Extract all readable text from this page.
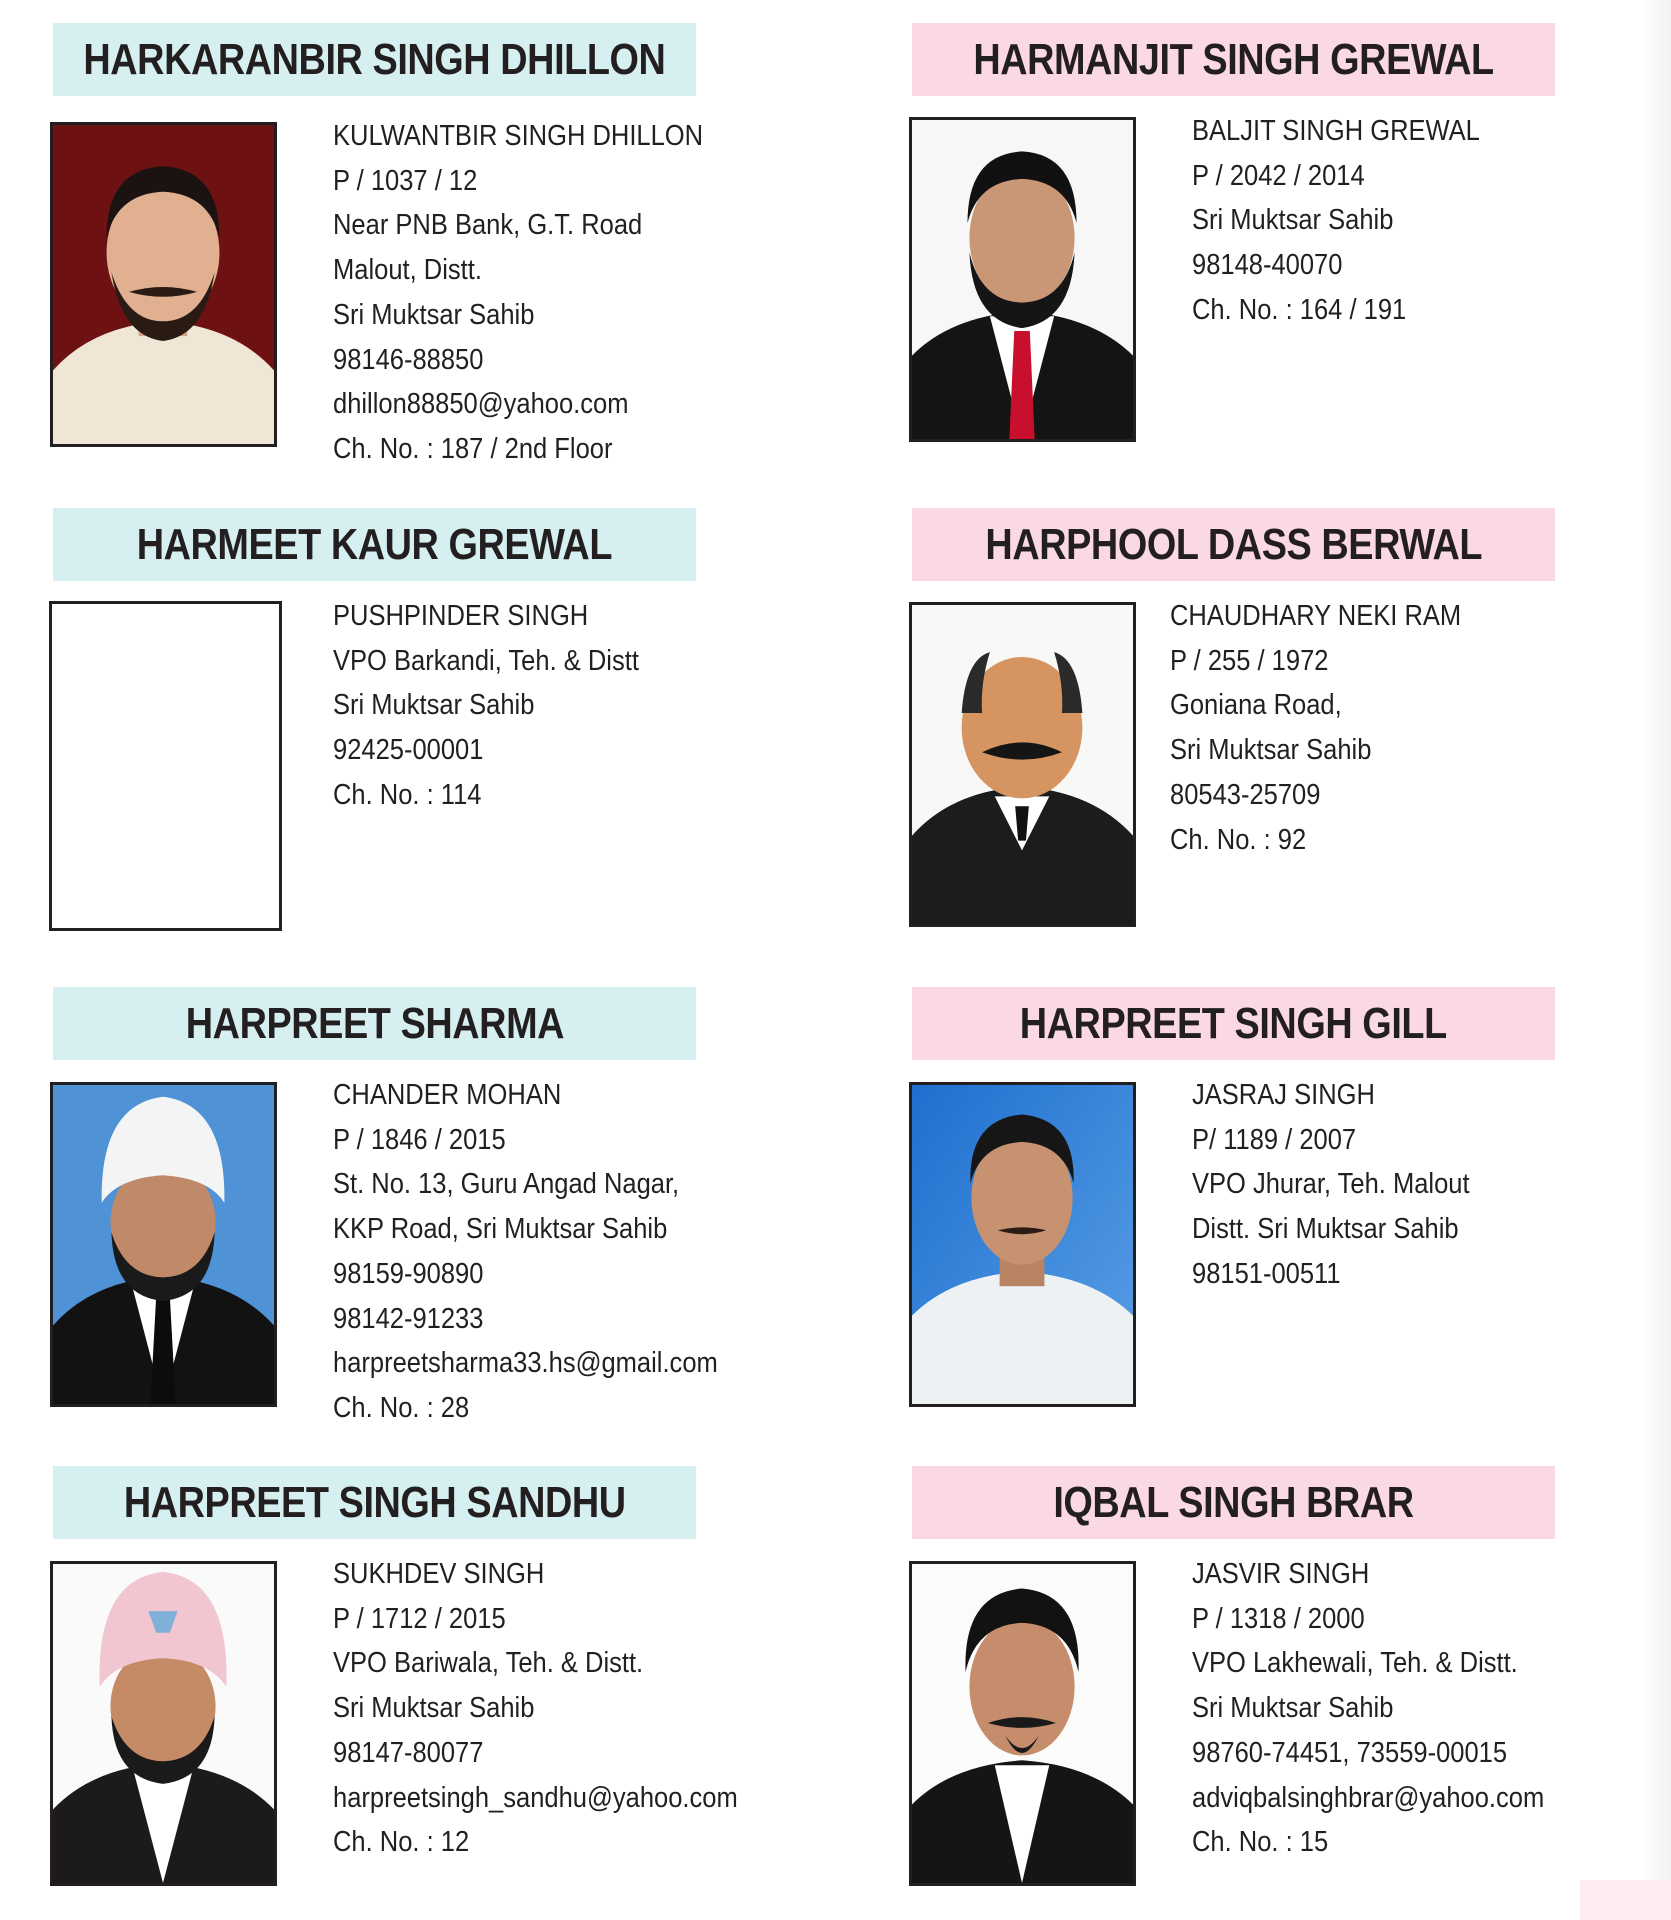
HARKARANBIR SINGH DHILLON
KULWANTBIR SINGH DHILLON
P / 1037 / 12
Near PNB Bank, G.T. Road
Malout, Distt.
Sri Muktsar Sahib
98146-88850
dhillon88850@yahoo.com
Ch. No. : 187 / 2nd Floor
HARMANJIT SINGH GREWAL
BALJIT SINGH GREWAL
P / 2042 / 2014
Sri Muktsar Sahib
98148-40070
Ch. No. : 164 / 191
HARMEET KAUR GREWAL
PUSHPINDER SINGH
VPO Barkandi, Teh. & Distt
Sri Muktsar Sahib
92425-00001
Ch. No. : 114
HARPHOOL DASS BERWAL
CHAUDHARY NEKI RAM
P / 255 / 1972
Goniana Road,
Sri Muktsar Sahib
80543-25709
Ch. No. : 92
HARPREET SHARMA
CHANDER MOHAN
P / 1846 / 2015
St. No. 13, Guru Angad Nagar,
KKP Road, Sri Muktsar Sahib
98159-90890
98142-91233
harpreetsharma33.hs@gmail.com
Ch. No. : 28
HARPREET SINGH GILL
JASRAJ SINGH
P/ 1189 / 2007
VPO Jhurar, Teh. Malout
Distt. Sri Muktsar Sahib
98151-00511
HARPREET SINGH SANDHU
SUKHDEV SINGH
P / 1712 / 2015
VPO Bariwala, Teh. & Distt.
Sri Muktsar Sahib
98147-80077
harpreetsingh_sandhu@yahoo.com
Ch. No. : 12
IQBAL SINGH BRAR
JASVIR SINGH
P / 1318 / 2000
VPO Lakhewali, Teh. & Distt.
Sri Muktsar Sahib
98760-74451, 73559-00015
adviqbalsinghbrar@yahoo.com
Ch. No. : 15
